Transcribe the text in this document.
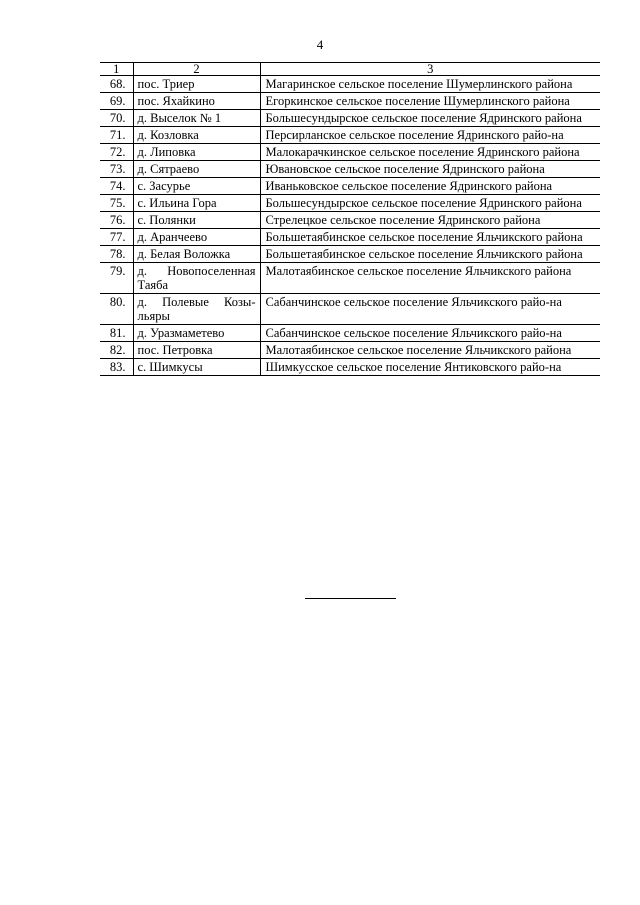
4
1	2	3
68.	пос. Триер	Магаринское сельское поселение Шумерлинского района
69.	пос. Яхайкино	Егоркинское сельское поселение Шумерлинского района
70.	д. Выселок № 1	Большесундырское сельское поселение Ядринского района
71.	д. Козловка	Персирланское сельское поселение Ядринского райо-на
72.	д. Липовка	Малокарачкинское сельское поселение Ядринского района
73.	д. Сятраево	Ювановское сельское поселение Ядринского района
74.	с. Засурье	Иваньковское сельское поселение Ядринского района
75.	с. Ильина Гора	Большесундырское сельское поселение Ядринского района
76.	с. Полянки	Стрелецкое сельское поселение Ядринского района
77.	д. Аранчеево	Большетаябинское сельское поселение Яльчикского района
78.	д. Белая Воложка	Большетаябинское сельское поселение Яльчикского района
79.	д. Новопоселенная Таяба	Малотаябинское сельское поселение Яльчикского района
80.	д. Полевые Козы-льяры	Сабанчинское сельское поселение Яльчикского райо-на
81.	д. Уразмаметево	Сабанчинское сельское поселение Яльчикского райо-на
82.	пос. Петровка	Малотаябинское сельское поселение Яльчикского района
83.	с. Шимкусы	Шимкусское сельское поселение Янтиковского райо-на
